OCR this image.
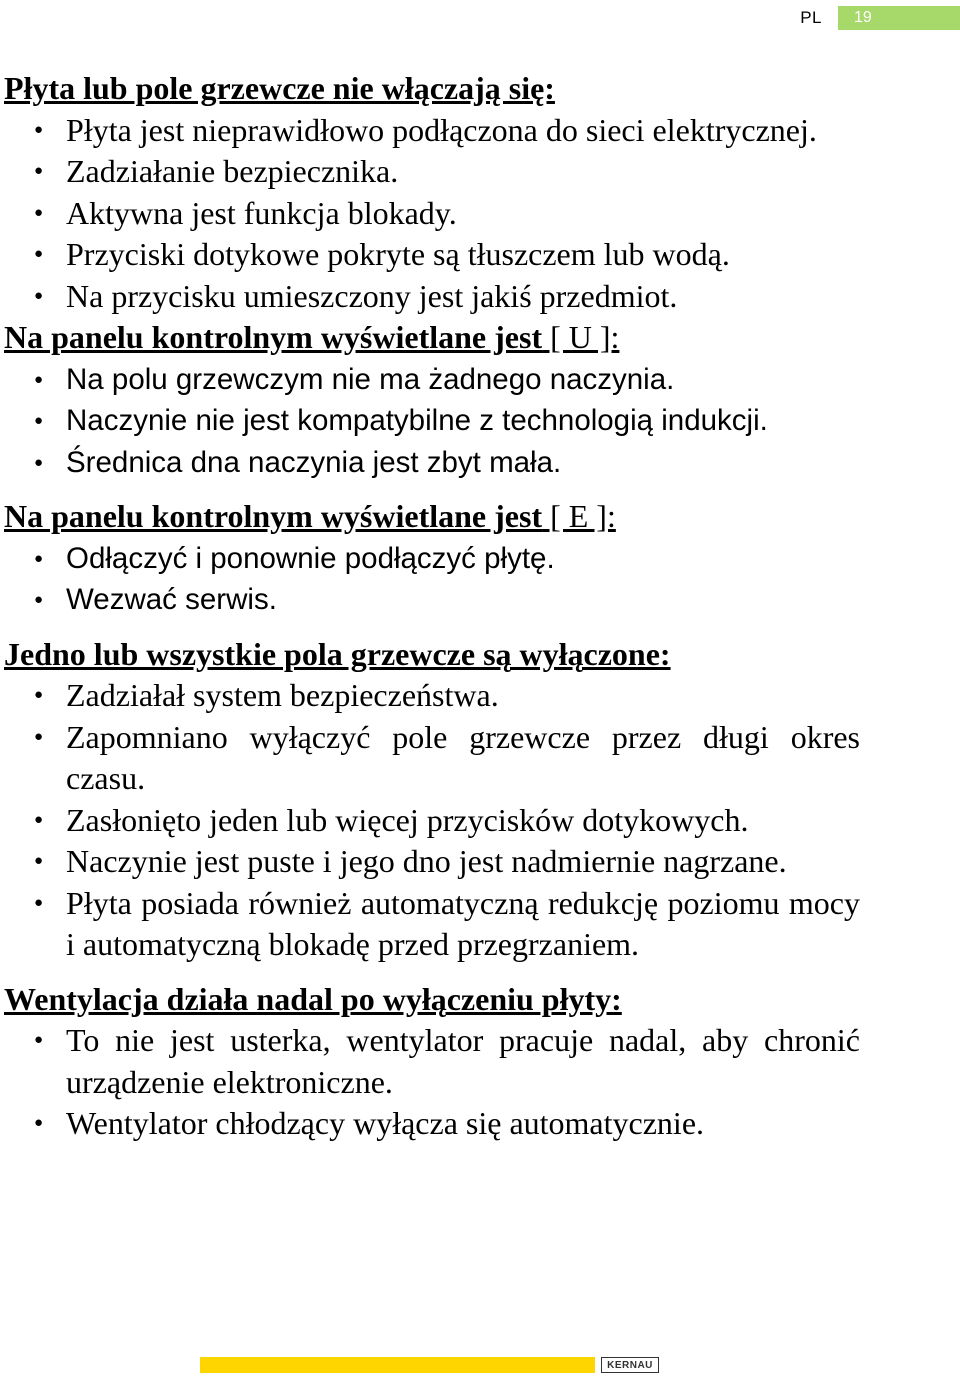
PL 19

Płyta lub pole grzewcze nie włączają się:

● Płyta jest nieprawidłowo podłączona do sieci elektrycznej.
● Zadziałanie bezpiecznika.
● Aktywna jest funkcja blokady.
● Przyciski dotykowe pokryte są tłuszczem lub wodą.
● Na przycisku umieszczony jest jakiś przedmiot.

Na panelu kontrolnym wyświetlane jest [ U ]:

● Na polu grzewczym nie ma żadnego naczynia.
● Naczynie nie jest kompatybilne z technologią indukcji.
● Średnica dna naczynia jest zbyt mała.

Na panelu kontrolnym wyświetlane jest [ E ]:

● Odłączyć i ponownie podłączyć płytę.
● Wezwać serwis.

Jedno lub wszystkie pola grzewcze są wyłączone:

● Zadziałał system bezpieczeństwa.
● Zapomniano wyłączyć pole grzewcze przez długi okres czasu.
● Zasłonięto jeden lub więcej przycisków dotykowych.
● Naczynie jest puste i jego dno jest nadmiernie nagrzane.
● Płyta posiada również automatyczną redukcję poziomu mocy i automatyczną blokadę przed przegrzaniem.

Wentylacja działa nadal po wyłączeniu płyty:

● To nie jest usterka, wentylator pracuje nadal, aby chronić urządzenie elektroniczne.
● Wentylator chłodzący wyłącza się automatycznie.
KERNAU
